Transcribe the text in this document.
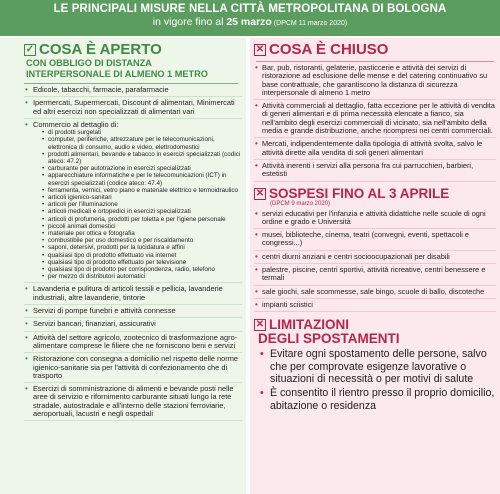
LE PRINCIPALI MISURE NELLA CITTÀ METROPOLITANA DI BOLOGNA
in vigore fino al 25 marzo (DPCM 11 marzo 2020)
✓ COSA È APERTO
CON OBBLIGO DI DISTANZA
INTERPERSONALE DI ALMENO 1 METRO
• Edicole, tabacchi, farmacie, parafarmacie
• Ipermercati, Supermercati, Discount di alimentari, Minimercati ed altri esercizi non specializzati di alimentari vari
• Commercio al dettaglio di:
• di prodotti surgelati
• computer, periferiche, attrezzature per le telecomunicazioni, elettronica di consumo, audio e video, elettrodomestici
• prodotti alimentari, bevande e tabacco in esercizi specializzati (codici ateco: 47.2)
• carburante per autotrazione in esercizi specializzati
• apparecchiature informatiche e per le telecomunicazioni (ICT) in esercizi specializzati (codice ateco: 47.4)
• ferramenta, vernici, vetro piano e materiale elettrico e termoidraulico
• articoli igienico-sanitari
• articoli per l'illuminazione
• articoli medicali e ortopedici in esercizi specializzati
• articoli di profumeria, prodotti per toletta e per l'igiene personale
• piccoli animali domestici
• materiale per ottica e fotografia
• combustibile per uso domestico e per riscaldamento
• saponi, detersivi, prodotti per la lucidatura e affini
• qualsiasi tipo di prodotto effettuato via internet
• qualsiasi tipo di prodotto effettuato per televisione
• qualsiasi tipo di prodotto per corrispondenza, radio, telefono
• per mezzo di distributori automatici
• Lavanderia e pulitura di articoli tessili e pellicia, lavanderie industriali, altre lavanderie, tintorie
• Servizi di pompe funebri e attività connesse
• Servizi bancari, finanziari, assicurativi
• Attività del settore agricolo, zootecnico di trasformazione agro-alimentare comprese le filiere che ne forniscono beni e servizi
• Ristorazione con consegna a domicilio nel rispetto delle norme igienico-sanitarie sia per l'attività di confezionamento che di trasporto
• Esercizi di somministrazione di alimenti e bevande posti nelle aree di servizio e rifornimento carburante situati lungo la rete stradale, autostradale e all'interno delle stazioni ferroviarie, aeroportuali, lacustri e negli ospedali
✕ COSA È CHIUSO
• Bar, pub, ristoranti, gelaterie, pasticcerie e attività dei servizi di ristorazione ad esclusione delle mense e del catering continuativo su base contrattuale, che garantiscono la distanza di sicurezza interpersonale di almeno 1 metro
• Attività commerciali al dettaglio, fatta eccezione per le attività di vendita di generi alimentari e di prima necessità elencate a fianco, sia nell'ambito degli esercizi commerciali di vicinato, sia nell'ambito della media e grande distribuzione, anche ricompresi nei centri commerciali.
• Mercati, indipendentemente dalla tipologia di attività svolta, salvo le attività dirette alla vendita di soli generi alimentari
• Attività inerenti i servizi alla persona fra cui parrucchieri, barbieri, estetisti
✕ SOSPESI FINO AL 3 APRILE
(DPCM 9 marzo 2020)
• servizi educativi per l'infanzia e attività didattiche nelle scuole di ogni ordine e grado e Università
• musei, biblioteche, cinema, teatri (convegni, eventi, spettacoli e congressi...)
• centri diurni anziani e centri socioocupazionali per disabili
• palestre, piscine, centri sportivi, attività ricreative, centri benessere e termali
• sale giochi, sale scommesse, sale bingo, scuole di ballo, discoteche
• impianti sciistici
✕ LIMITAZIONI
DEGLI SPOSTAMENTI
• Evitare ogni spostamento delle persone, salvo che per comprovate esigenze lavorative o situazioni di necessità o per motivi di salute
• È consentito il rientro presso il proprio domicilio, abitazione o residenza
